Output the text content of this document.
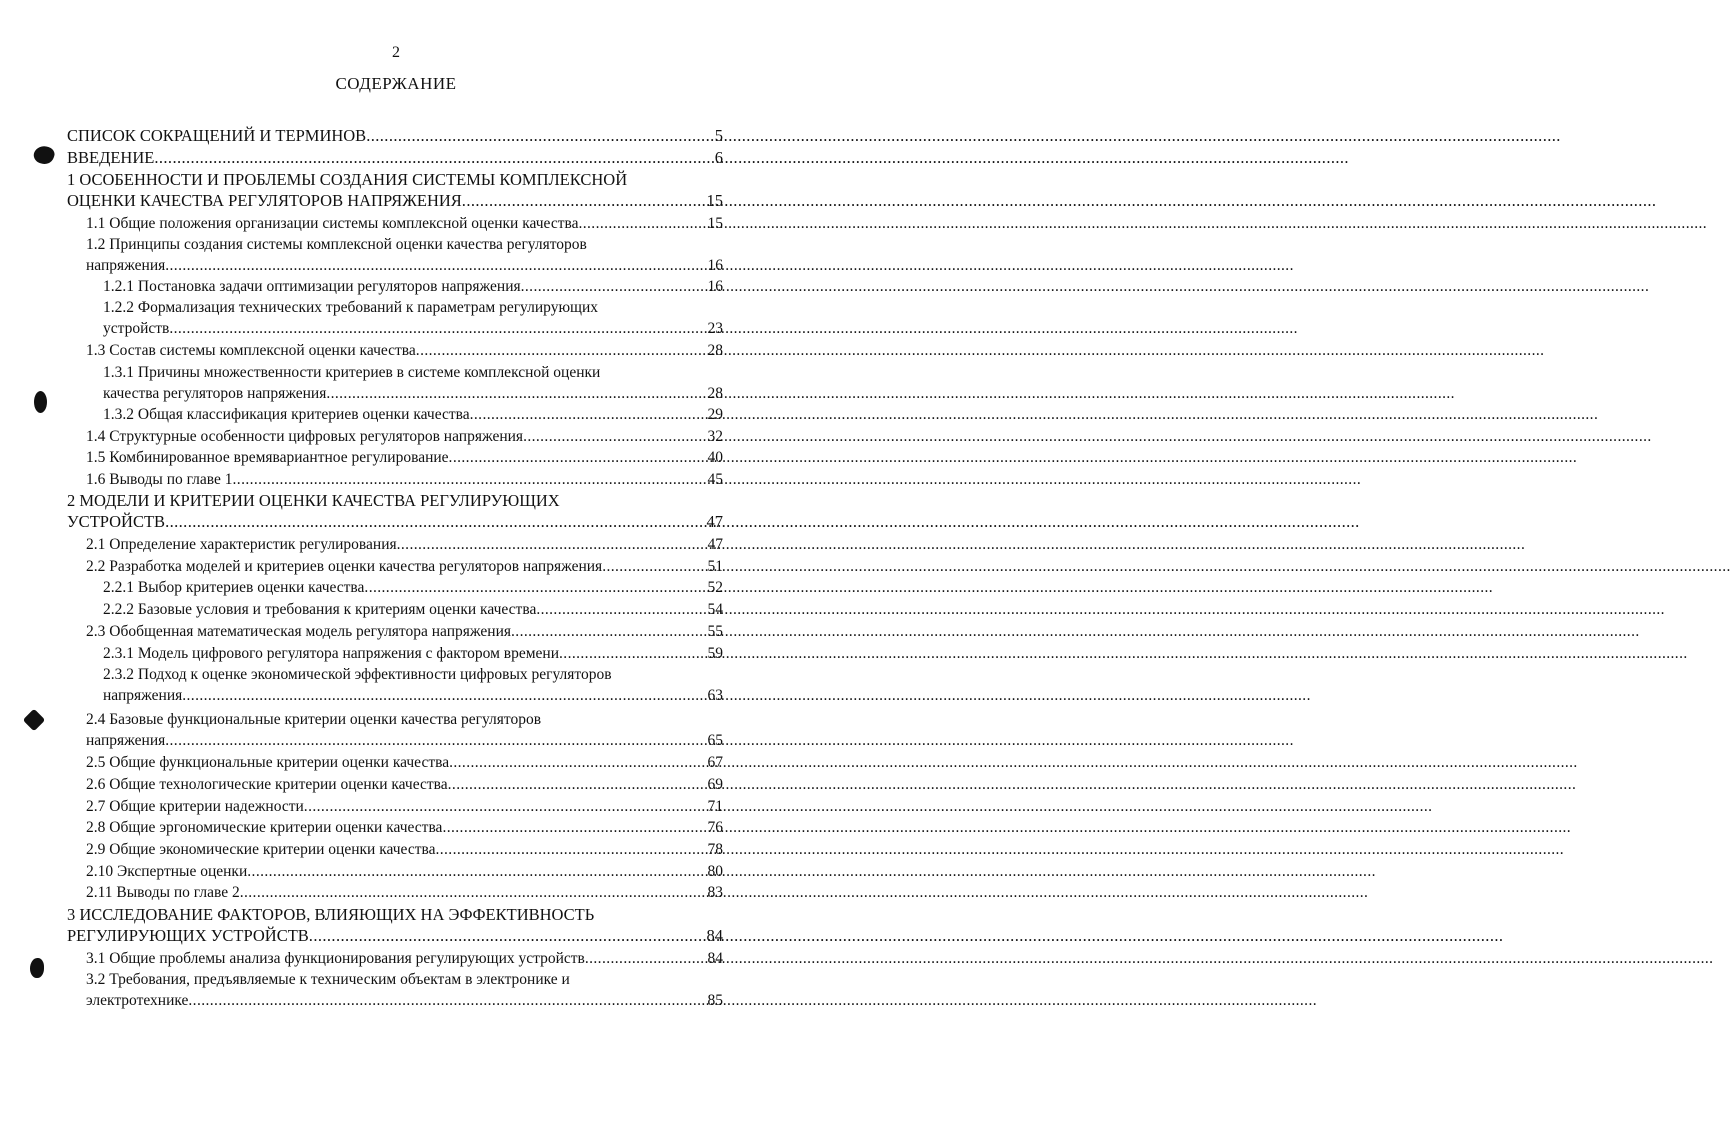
2
СОДЕРЖАНИЕ
СПИСОК СОКРАЩЕНИЙ И ТЕРМИНОВ .....	5
ВВЕДЕНИЕ .....	6
1 ОСОБЕННОСТИ И ПРОБЛЕМЫ СОЗДАНИЯ СИСТЕМЫ КОМПЛЕКСНОЙ
ОЦЕНКИ КАЧЕСТВА РЕГУЛЯТОРОВ НАПРЯЖЕНИЯ .....	15
1.1 Общие положения организации системы комплексной оценки качества .....	15
1.2 Принципы создания системы комплексной оценки качества регуляторов
напряжения .....	16
1.2.1 Постановка задачи оптимизации регуляторов напряжения .....	16
1.2.2 Формализация технических требований к параметрам регулирующих
устройств .....	23
1.3 Состав системы комплексной оценки качества .....	28
1.3.1 Причины множественности критериев в системе комплексной оценки
качества регуляторов напряжения .....	28
1.3.2 Общая классификация критериев оценки качества .....	29
1.4 Структурные особенности цифровых регуляторов напряжения .....	32
1.5 Комбинированное времявариантное регулирование .....	40
1.6 Выводы по главе 1 .....	45
2 МОДЕЛИ И КРИТЕРИИ ОЦЕНКИ КАЧЕСТВА РЕГУЛИРУЮЩИХ
УСТРОЙСТВ .....	47
2.1 Определение характеристик регулирования .....	47
2.2 Разработка моделей и критериев оценки качества регуляторов напряжения .....	51
2.2.1 Выбор критериев оценки качества .....	52
2.2.2 Базовые условия и требования к критериям оценки качества .....	54
2.3 Обобщенная математическая модель регулятора напряжения .....	55
2.3.1 Модель цифрового регулятора напряжения с фактором времени .....	59
2.3.2 Подход к оценке экономической эффективности цифровых регуляторов
напряжения .....	63
2.4 Базовые функциональные критерии оценки качества регуляторов
напряжения .....	65
2.5 Общие функциональные критерии оценки качества .....	67
2.6 Общие технологические критерии оценки качества .....	69
2.7 Общие критерии надежности .....	71
2.8 Общие эргономические критерии оценки качества .....	76
2.9 Общие экономические критерии оценки качества .....	78
2.10 Экспертные оценки .....	80
2.11 Выводы по главе 2 .....	83
3 ИССЛЕДОВАНИЕ ФАКТОРОВ, ВЛИЯЮЩИХ НА ЭФФЕКТИВНОСТЬ
РЕГУЛИРУЮЩИХ УСТРОЙСТВ .....	84
3.1 Общие проблемы анализа функционирования регулирующих устройств .....	84
3.2 Требования, предъявляемые к техническим объектам в электронике и
электротехнике .....	85
